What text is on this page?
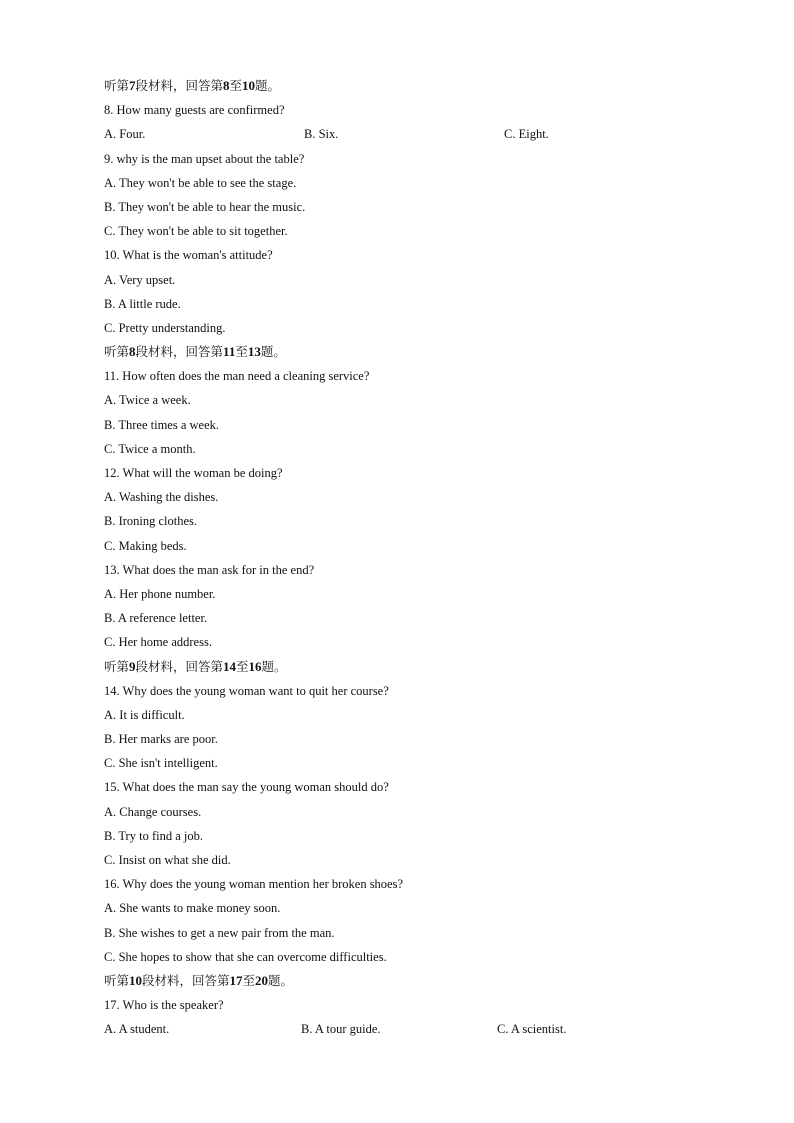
听第7段材料，回答第8至10题。
8. How many guests are confirmed?
A. Four.	B. Six.	C. Eight.
9. why is the man upset about the table?
A. They won't be able to see the stage.
B. They won't be able to hear the music.
C. They won't be able to sit together.
10. What is the woman's attitude?
A. Very upset.
B. A little rude.
C. Pretty understanding.
听第8段材料，回答第11至13题。
11. How often does the man need a cleaning service?
A. Twice a week.
B. Three times a week.
C. Twice a month.
12. What will the woman be doing?
A. Washing the dishes.
B. Ironing clothes.
C. Making beds.
13. What does the man ask for in the end?
A. Her phone number.
B. A reference letter.
C. Her home address.
听第9段材料，回答第14至16题。
14. Why does the young woman want to quit her course?
A. It is difficult.
B. Her marks are poor.
C. She isn't intelligent.
15. What does the man say the young woman should do?
A. Change courses.
B. Try to find a job.
C. Insist on what she did.
16. Why does the young woman mention her broken shoes?
A. She wants to make money soon.
B. She wishes to get a new pair from the man.
C. She hopes to show that she can overcome difficulties.
听第10段材料，回答第17至20题。
17. Who is the speaker?
A. A student.	B. A tour guide.	C. A scientist.
